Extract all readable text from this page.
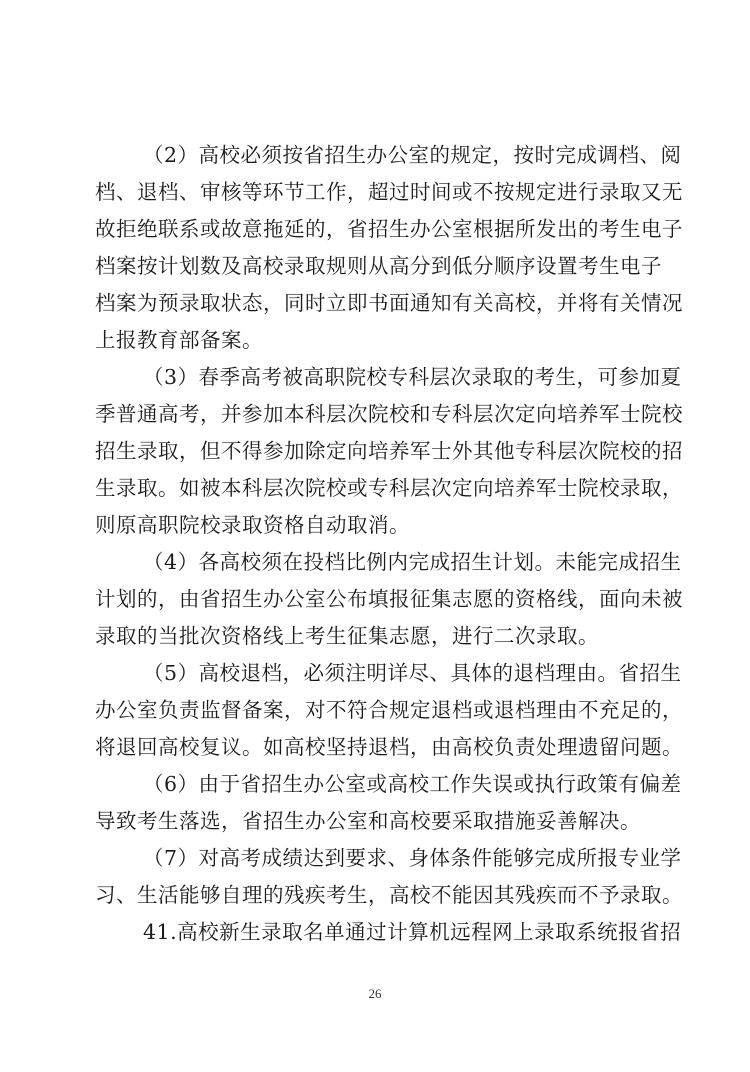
（2）高校必须按省招生办公室的规定，按时完成调档、阅
档、退档、审核等环节工作，超过时间或不按规定进行录取又无
故拒绝联系或故意拖延的，省招生办公室根据所发出的考生电子
档案按计划数及高校录取规则从高分到低分顺序设置考生电子
档案为预录取状态，同时立即书面通知有关高校，并将有关情况
上报教育部备案。
（3）春季高考被高职院校专科层次录取的考生，可参加夏
季普通高考，并参加本科层次院校和专科层次定向培养军士院校
招生录取，但不得参加除定向培养军士外其他专科层次院校的招
生录取。如被本科层次院校或专科层次定向培养军士院校录取，
则原高职院校录取资格自动取消。
（4）各高校须在投档比例内完成招生计划。未能完成招生
计划的，由省招生办公室公布填报征集志愿的资格线，面向未被
录取的当批次资格线上考生征集志愿，进行二次录取。
（5）高校退档，必须注明详尽、具体的退档理由。省招生
办公室负责监督备案，对不符合规定退档或退档理由不充足的，
将退回高校复议。如高校坚持退档，由高校负责处理遗留问题。
（6）由于省招生办公室或高校工作失误或执行政策有偏差
导致考生落选，省招生办公室和高校要采取措施妥善解决。
（7）对高考成绩达到要求、身体条件能够完成所报专业学
习、生活能够自理的残疾考生，高校不能因其残疾而不予录取。
41.高校新生录取名单通过计算机远程网上录取系统报省招
26
